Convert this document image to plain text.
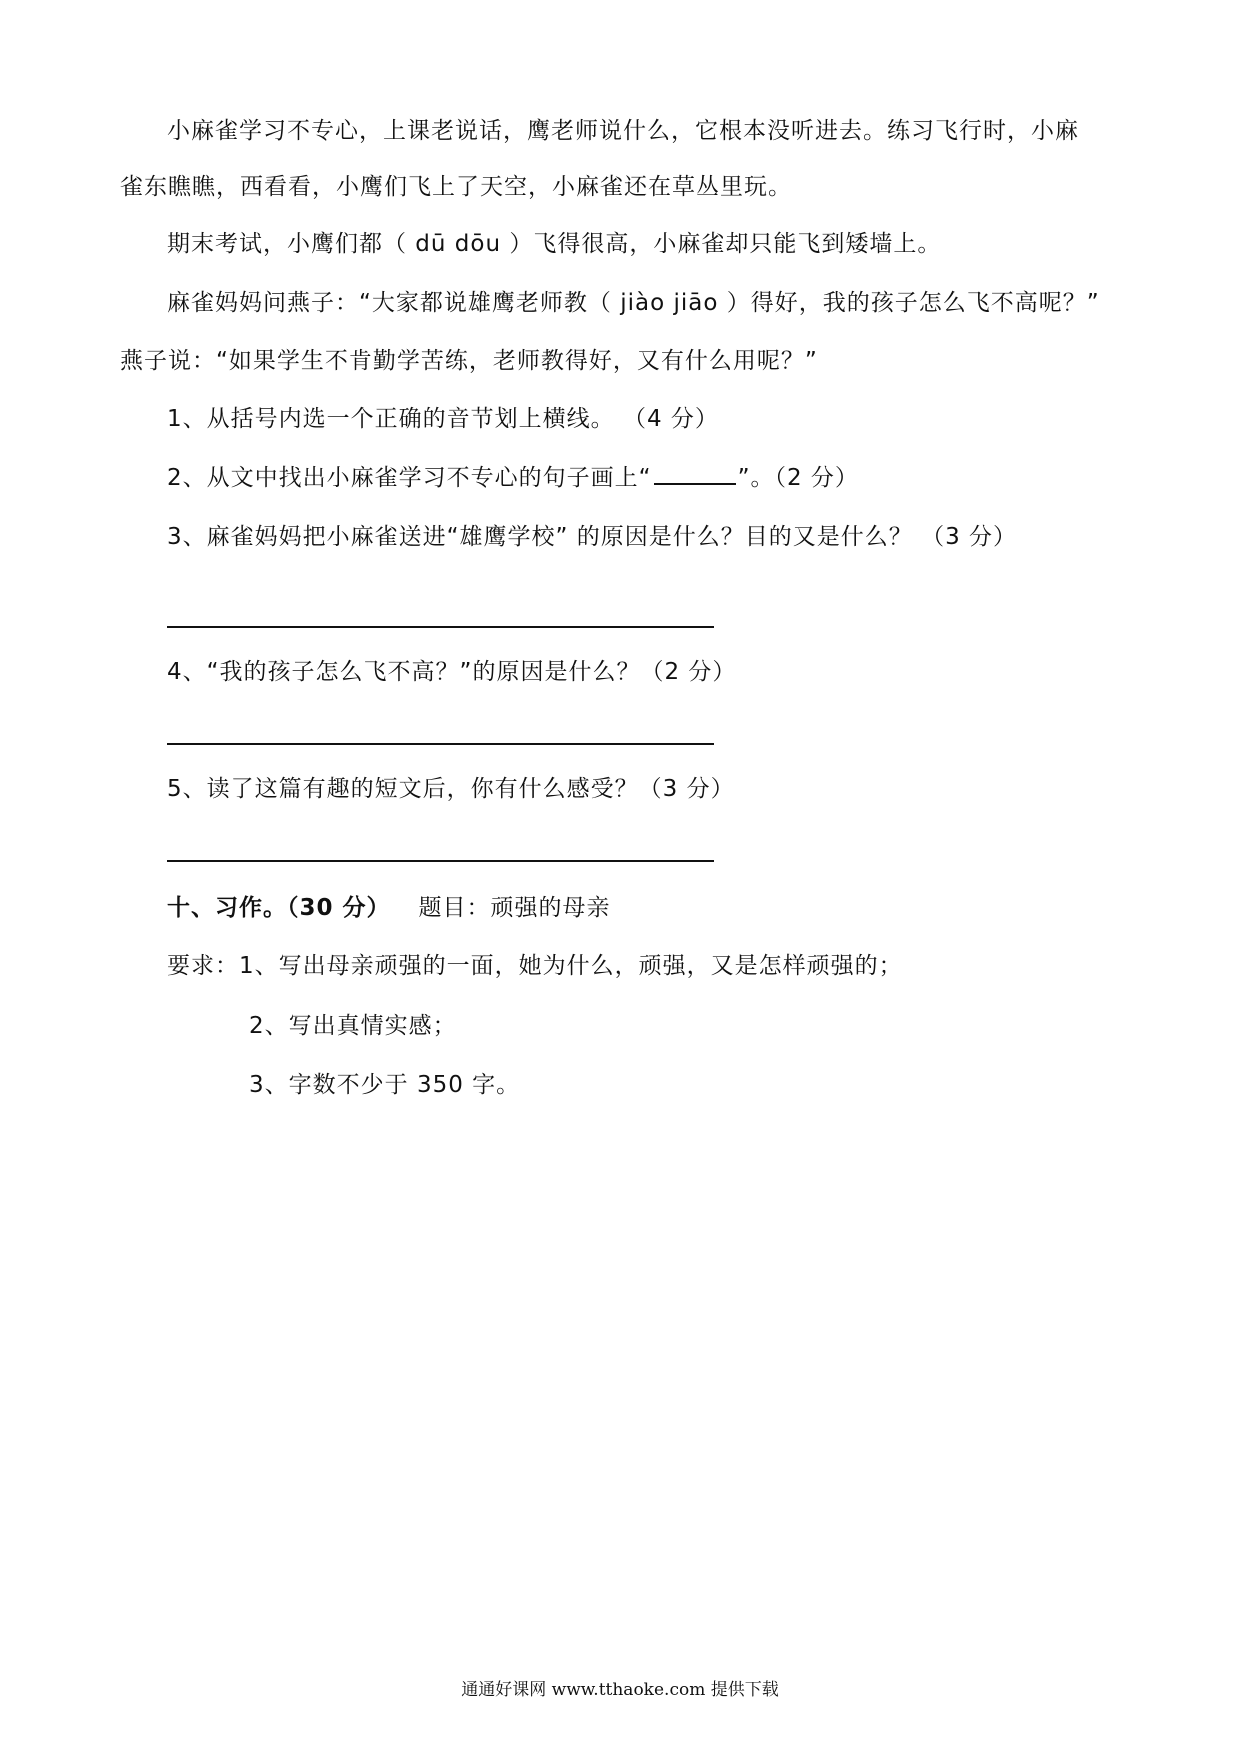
小麻雀学习不专心，上课老说话，鹰老师说什么，它根本没听进去。练习飞行时，小麻
雀东瞧瞧，西看看，小鹰们飞上了天空，小麻雀还在草丛里玩。
期末考试，小鹰们都（ dū dōu ）飞得很高，小麻雀却只能飞到矮墙上。
麻雀妈妈问燕子：“大家都说雄鹰老师教（ jiào jiāo ）得好，我的孩子怎么飞不高呢？”
燕子说：“如果学生不肯勤学苦练，老师教得好，又有什么用呢？”
1、从括号内选一个正确的音节划上横线。 （4 分）
2、从文中找出小麻雀学习不专心的句子画上“	”。（2 分）
3、麻雀妈妈把小麻雀送进“雄鹰学校” 的原因是什么？目的又是什么？ （3 分）
4、“我的孩子怎么飞不高？”的原因是什么？（2 分）
5、读了这篇有趣的短文后，你有什么感受？（3 分）
十、习作。（30 分） 题目：顽强的母亲
要求：1、写出母亲顽强的一面，她为什么，顽强，又是怎样顽强的；
2、写出真情实感；
3、字数不少于 350 字。
通通好课网 www.tthaoke.com 提供下载
